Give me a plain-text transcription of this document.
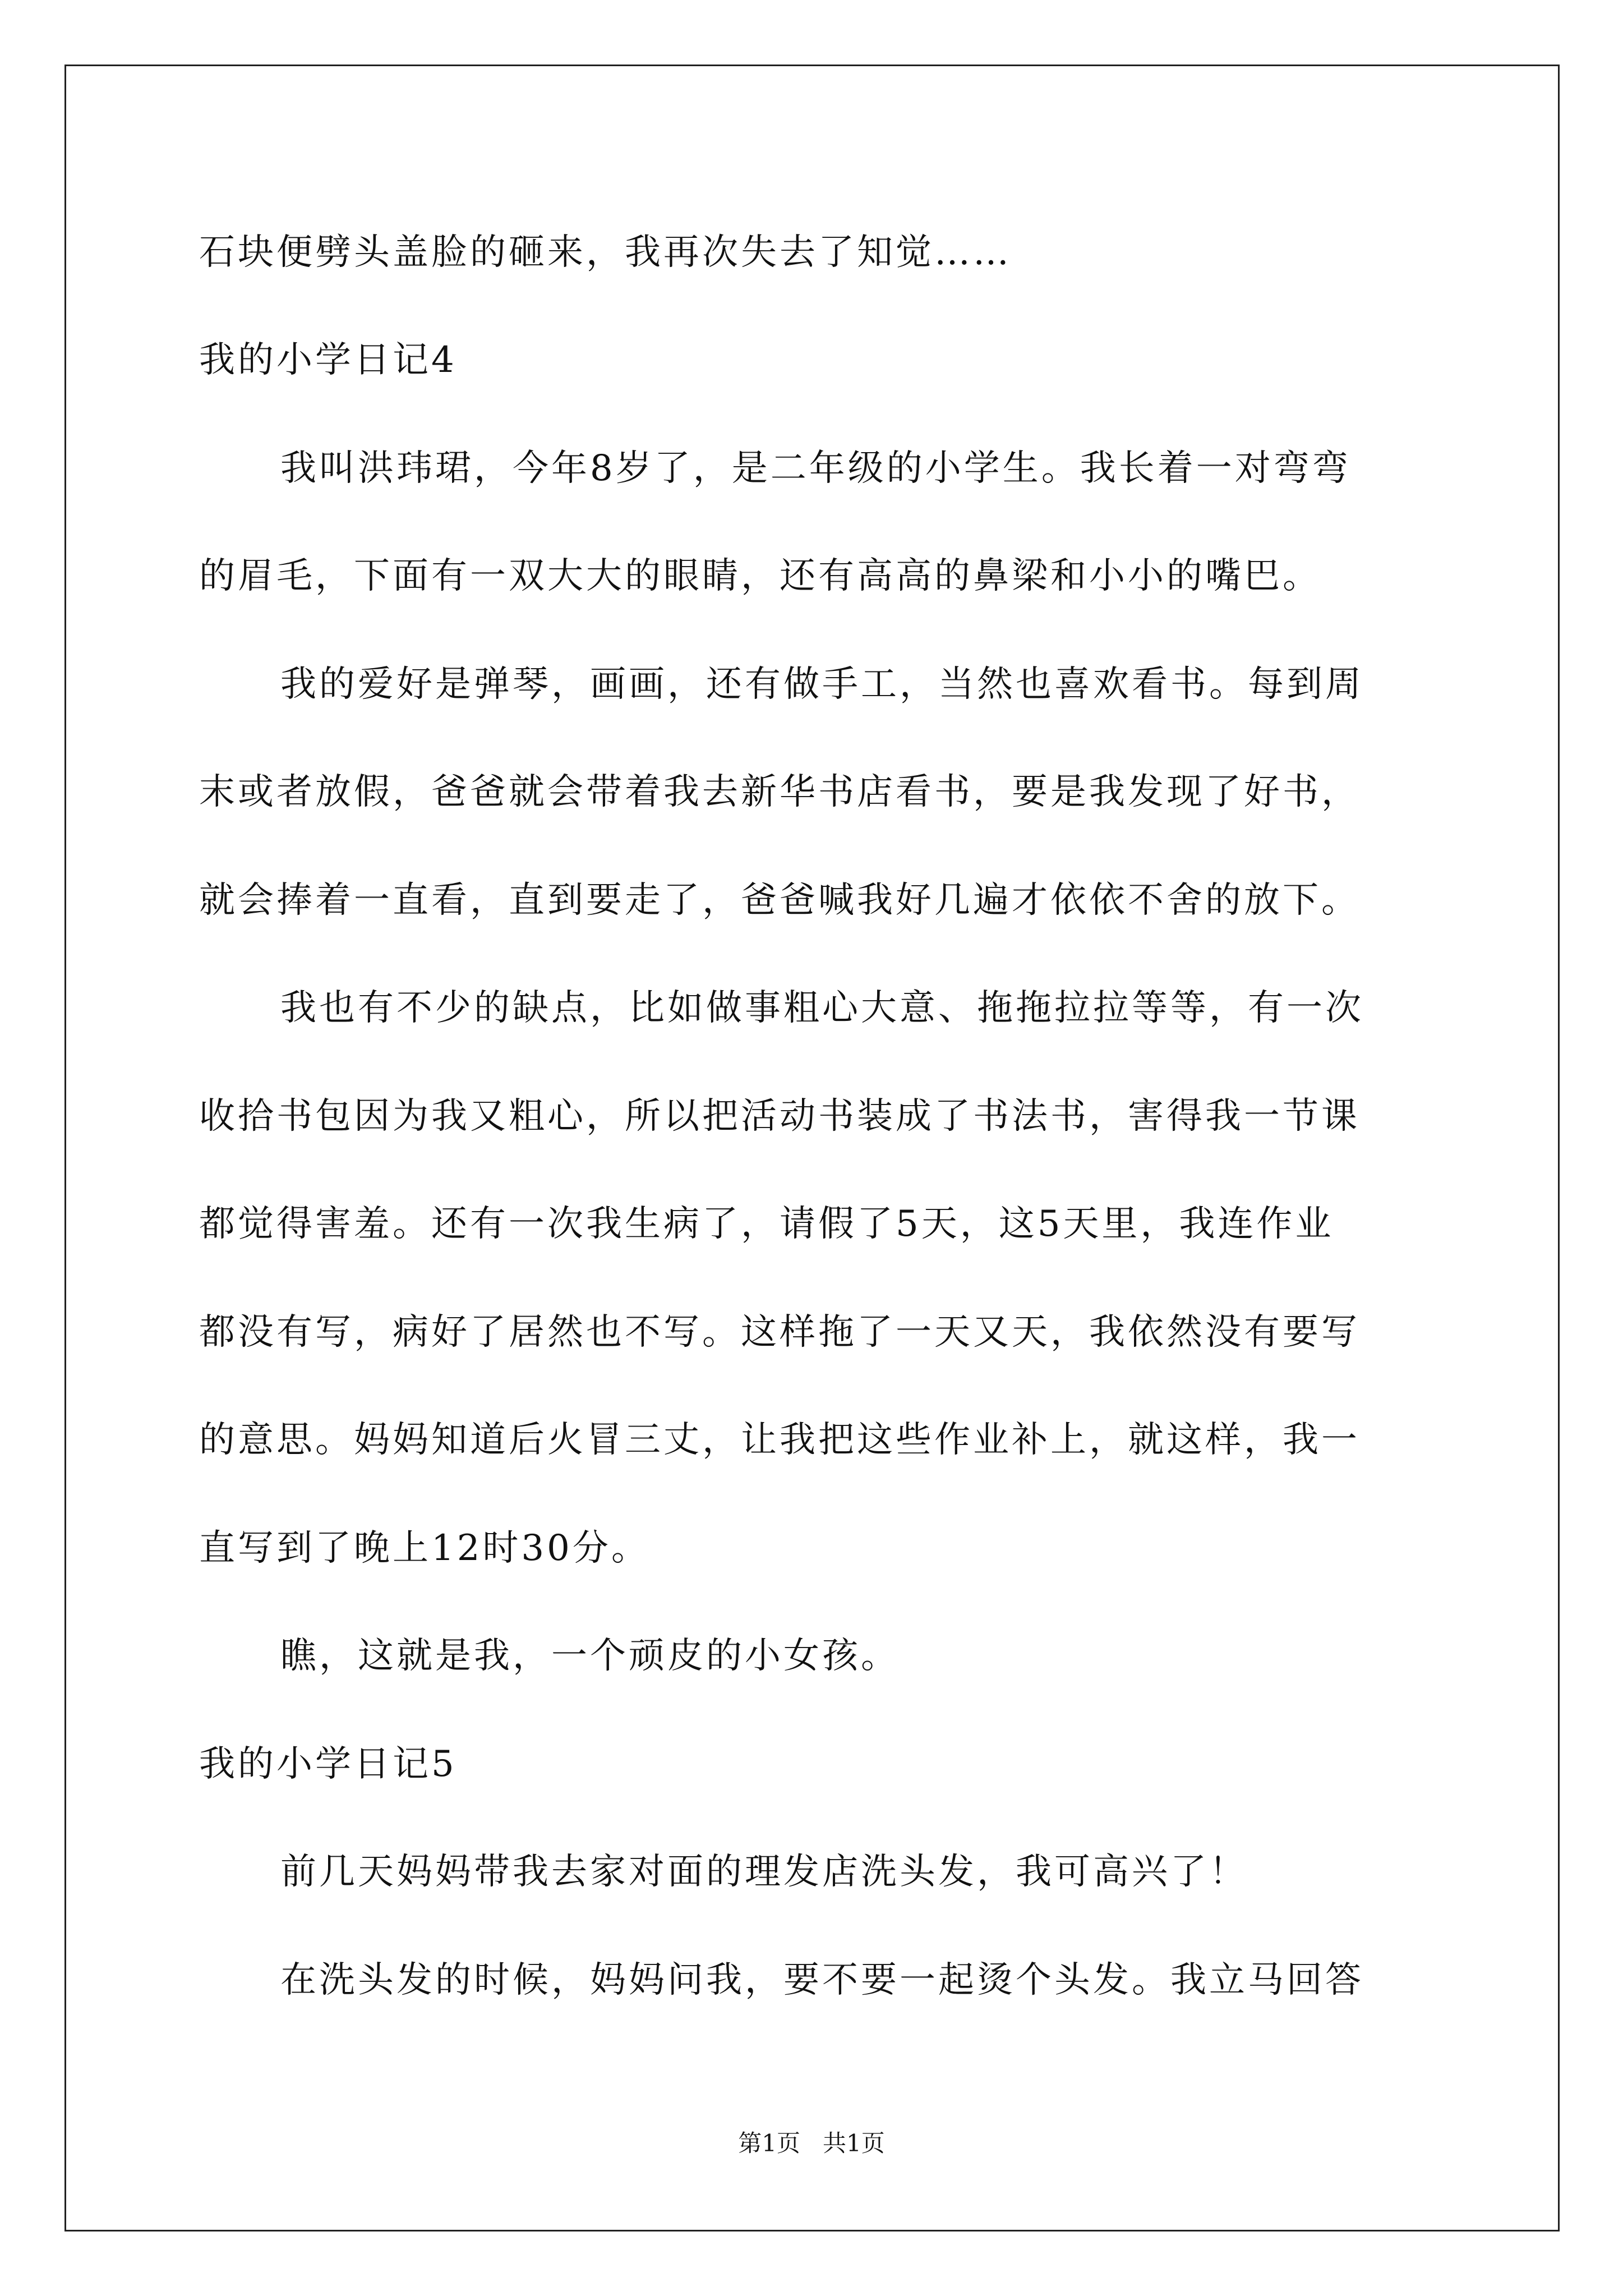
石块便劈头盖脸的砸来，我再次失去了知觉……
我的小学日记4
我叫洪玮珺，今年8岁了，是二年级的小学生。我长着一对弯弯
的眉毛，下面有一双大大的眼睛，还有高高的鼻梁和小小的嘴巴。
我的爱好是弹琴，画画，还有做手工，当然也喜欢看书。每到周
末或者放假，爸爸就会带着我去新华书店看书，要是我发现了好书，
就会捧着一直看，直到要走了，爸爸喊我好几遍才依依不舍的放下。
我也有不少的缺点，比如做事粗心大意、拖拖拉拉等等，有一次
收拾书包因为我又粗心，所以把活动书装成了书法书，害得我一节课
都觉得害羞。还有一次我生病了，请假了5天，这5天里，我连作业
都没有写，病好了居然也不写。这样拖了一天又天，我依然没有要写
的意思。妈妈知道后火冒三丈，让我把这些作业补上，就这样，我一
直写到了晚上12时30分。
瞧，这就是我，一个顽皮的小女孩。
我的小学日记5
前几天妈妈带我去家对面的理发店洗头发，我可高兴了！
在洗头发的时候，妈妈问我，要不要一起烫个头发。我立马回答
第1页   共1页
